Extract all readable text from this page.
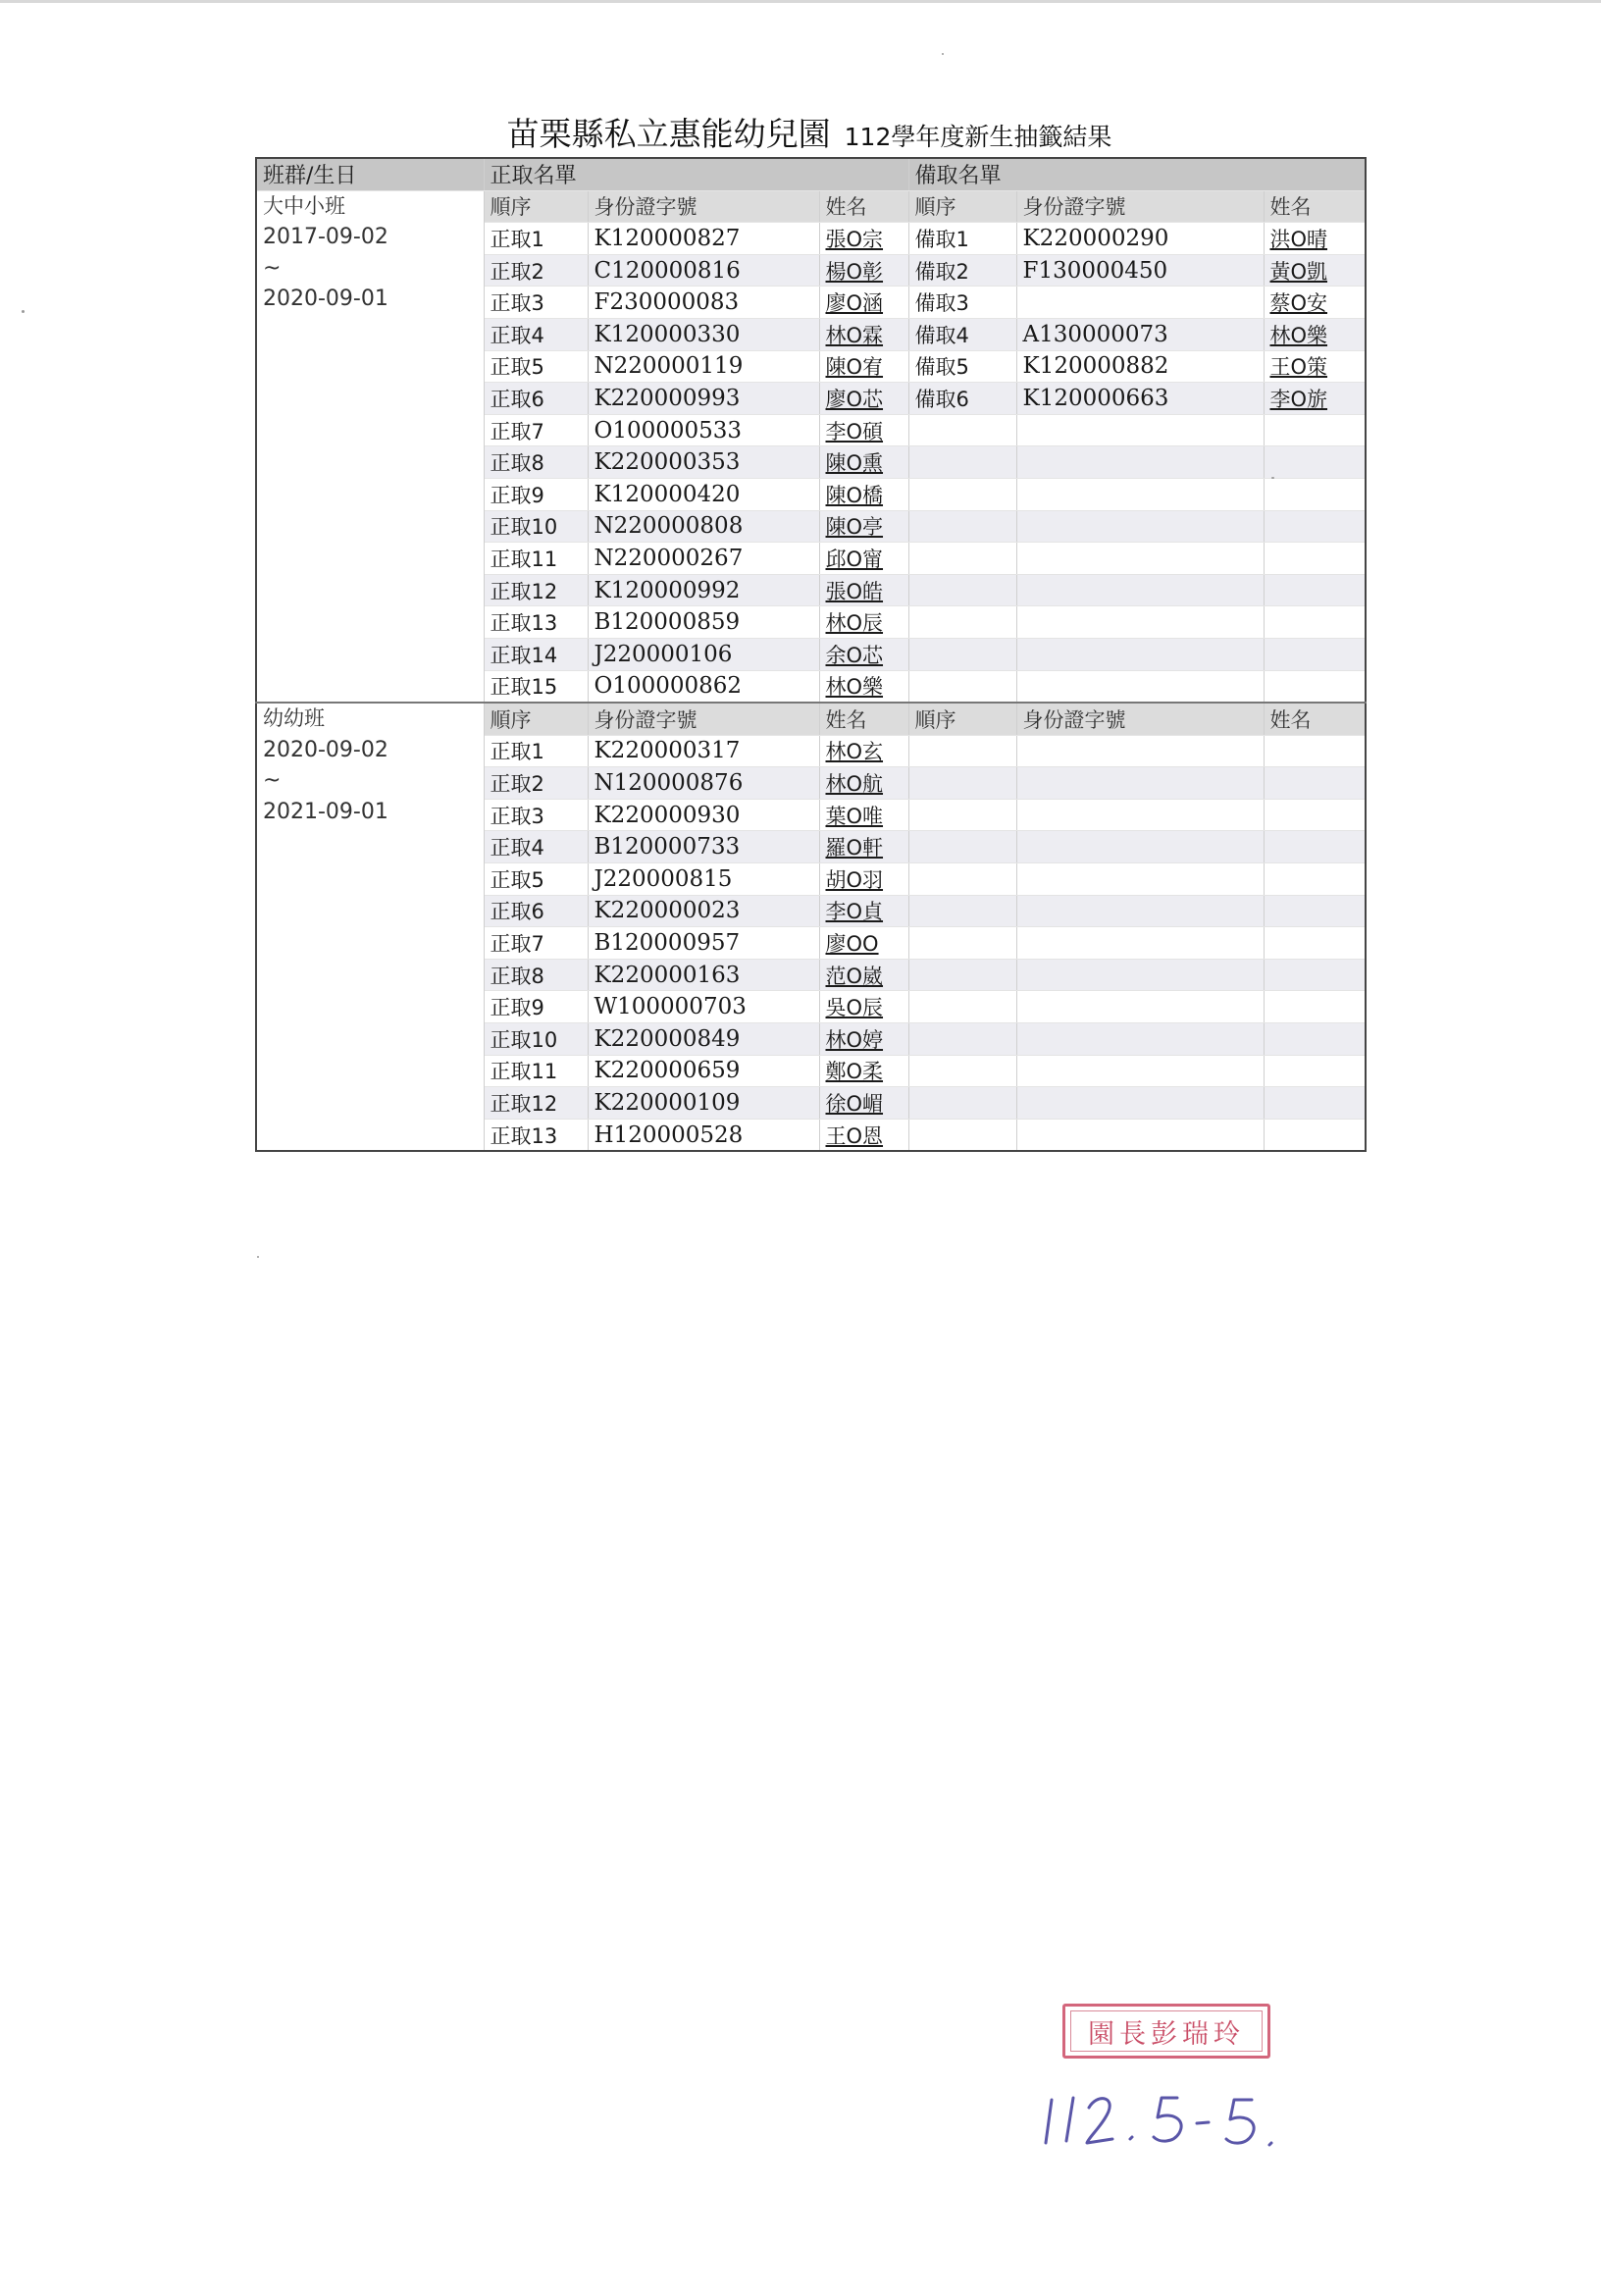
苗栗縣私立惠能幼兒園 112學年度新生抽籤結果
班群/生日	正取名單			備取名單		

大中小班
2017-09-02
~
2020-09-01	順序	身份證字號	姓名	順序	身份證字號	姓名
	正取1	K120000827	張O宗	備取1	K220000290	洪O晴
	正取2	C120000816	楊O彰	備取2	F130000450	黃O凱
	正取3	F230000083	廖O涵	備取3		蔡O安
	正取4	K120000330	林O霖	備取4	A130000073	林O樂
	正取5	N220000119	陳O宥	備取5	K120000882	王O策
	正取6	K220000993	廖O芯	備取6	K120000663	李O旂
	正取7	O100000533	李O碩			
	正取8	K220000353	陳O熏			
	正取9	K120000420	陳O橋			
	正取10	N220000808	陳O亭			
	正取11	N220000267	邱O甯			
	正取12	K120000992	張O皓			
	正取13	B120000859	林O辰			
	正取14	J220000106	余O芯			
	正取15	O100000862	林O樂			

幼幼班
2020-09-02
~
2021-09-01	順序	身份證字號	姓名	順序	身份證字號	姓名
	正取1	K220000317	林O玄			
	正取2	N120000876	林O航			
	正取3	K220000930	葉O唯			
	正取4	B120000733	羅O軒			
	正取5	J220000815	胡O羽			
	正取6	K220000023	李O貞			
	正取7	B120000957	廖OO			
	正取8	K220000163	范O崴			
	正取9	W100000703	吳O辰			
	正取10	K220000849	林O婷			
	正取11	K220000659	鄭O柔			
	正取12	K220000109	徐O嵋			
	正取13	H120000528	王O恩			
園長彭瑞玲
